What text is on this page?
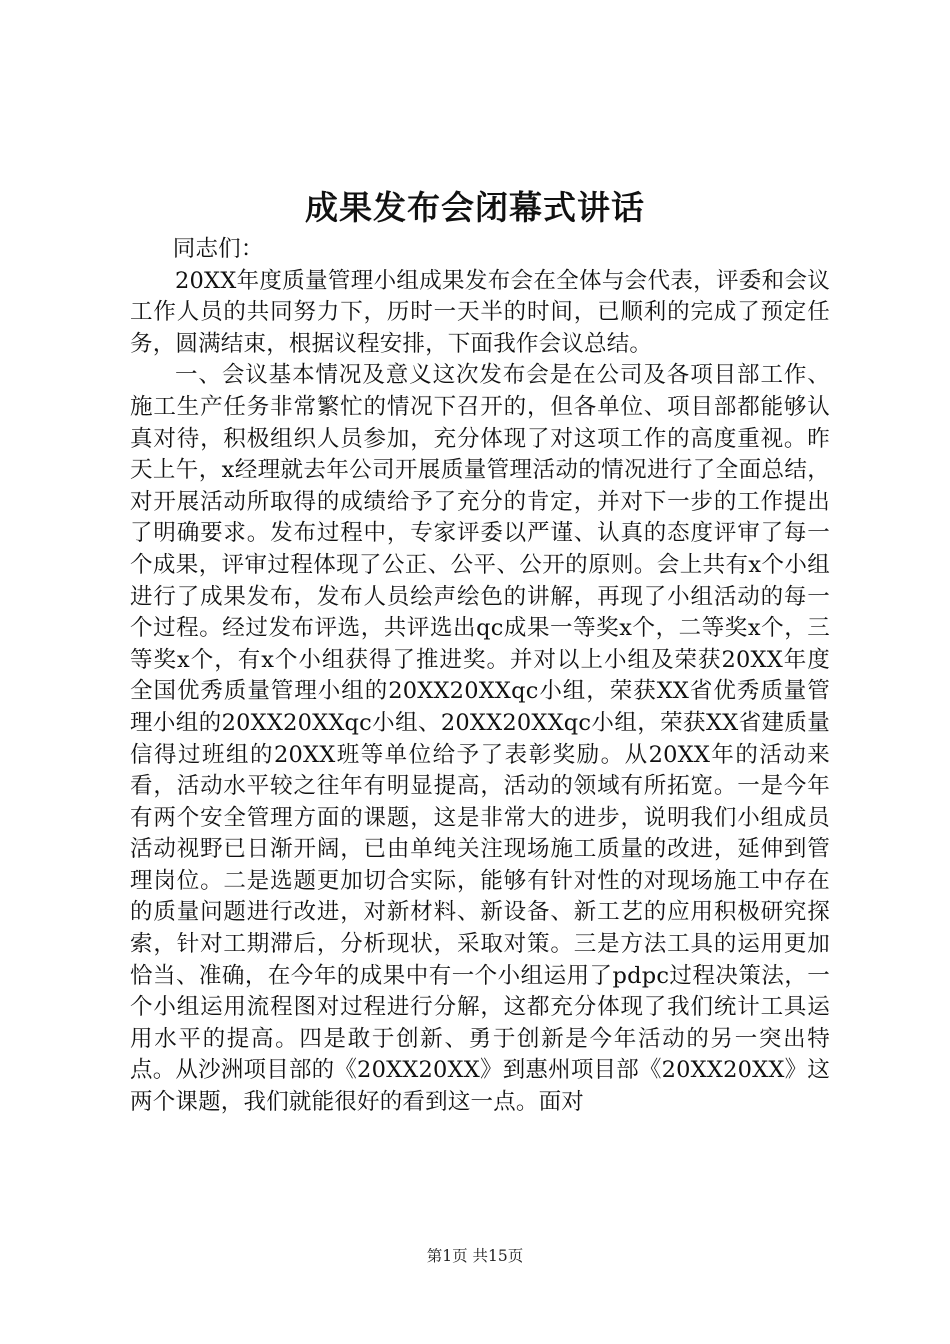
成果发布会闭幕式讲话

同志们：

20XX年度质量管理小组成果发布会在全体与会代表，评委和会议工作人员的共同努力下，历时一天半的时间，已顺利的完成了预定任务，圆满结束，根据议程安排，下面我作会议总结。

一、会议基本情况及意义这次发布会是在公司及各项目部工作、施工生产任务非常繁忙的情况下召开的，但各单位、项目部都能够认真对待，积极组织人员参加，充分体现了对这项工作的高度重视。昨天上午，x经理就去年公司开展质量管理活动的情况进行了全面总结，对开展活动所取得的成绩给予了充分的肯定，并对下一步的工作提出了明确要求。发布过程中，专家评委以严谨、认真的态度评审了每一个成果，评审过程体现了公正、公平、公开的原则。会上共有x个小组进行了成果发布，发布人员绘声绘色的讲解，再现了小组活动的每一个过程。经过发布评选，共评选出qc成果一等奖x个，二等奖x个，三等奖x个，有x个小组获得了推进奖。并对以上小组及荣获20XX年度全国优秀质量管理小组的20XX20XXqc小组，荣获XX省优秀质量管理小组的20XX20XXqc小组、20XX20XXqc小组，荣获XX省建质量信得过班组的20XX班等单位给予了表彰奖励。从20XX年的活动来看，活动水平较之往年有明显提高，活动的领域有所拓宽。一是今年有两个安全管理方面的课题，这是非常大的进步，说明我们小组成员活动视野已日渐开阔，已由单纯关注现场施工质量的改进，延伸到管理岗位。二是选题更加切合实际，能够有针对性的对现场施工中存在的质量问题进行改进，对新材料、新设备、新工艺的应用积极研究探索，针对工期滞后，分析现状，采取对策。三是方法工具的运用更加恰当、准确，在今年的成果中有一个小组运用了pdpc过程决策法，一个小组运用流程图对过程进行分解，这都充分体现了我们统计工具运用水平的提高。四是敢于创新、勇于创新是今年活动的另一突出特点。从沙洲项目部的《20XX20XX》到惠州项目部《20XX20XX》这两个课题，我们就能很好的看到这一点。面对

第1页 共15页
